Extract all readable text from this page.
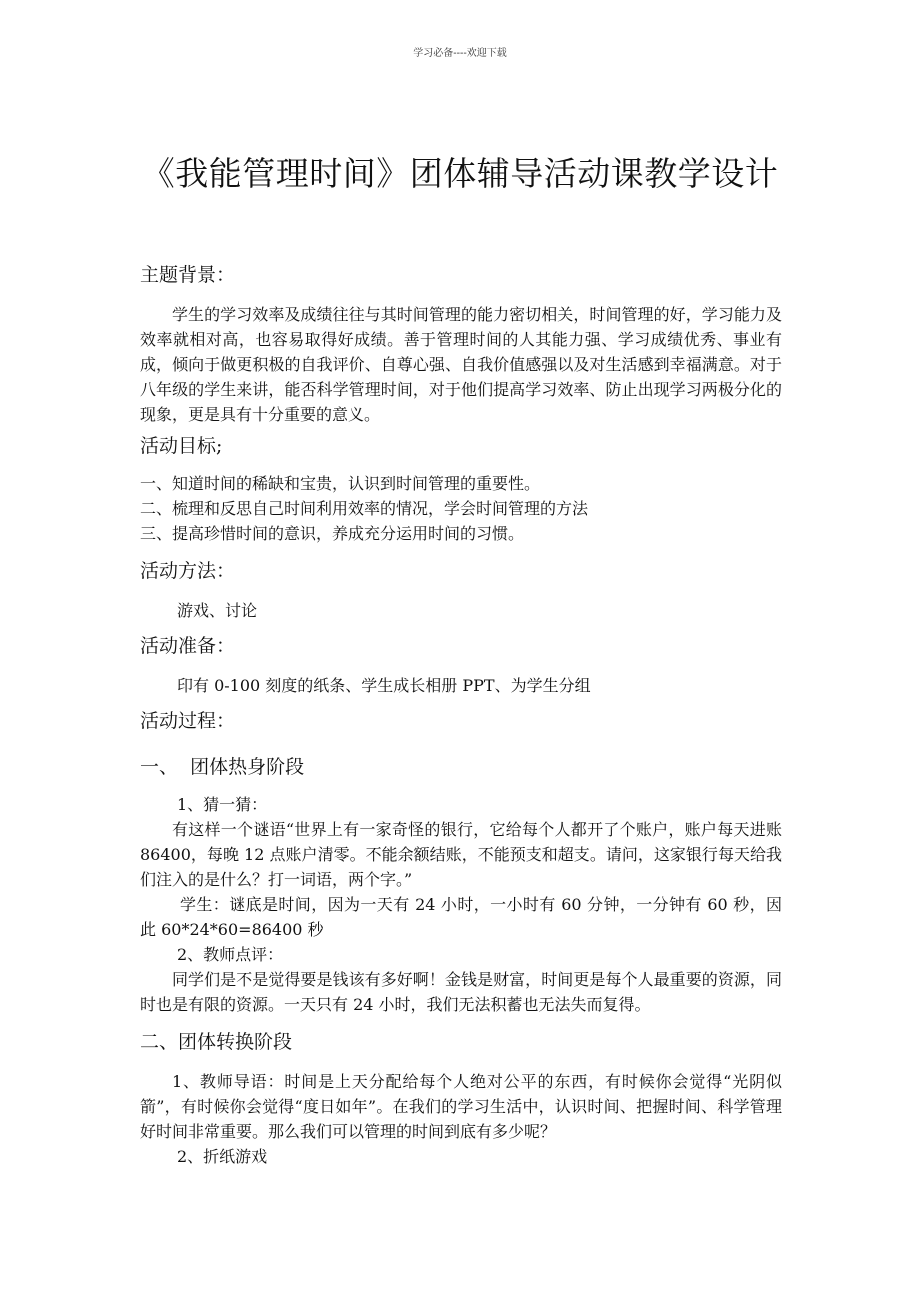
学习必备----欢迎下载
《我能管理时间》团体辅导活动课教学设计

主题背景：

学生的学习效率及成绩往往与其时间管理的能力密切相关，时间管理的好，学习能力及效率就相对高，也容易取得好成绩。善于管理时间的人其能力强、学习成绩优秀、事业有成，倾向于做更积极的自我评价、自尊心强、自我价值感强以及对生活感到幸福满意。对于八年级的学生来讲，能否科学管理时间，对于他们提高学习效率、防止出现学习两极分化的现象，更是具有十分重要的意义。

活动目标;

一、知道时间的稀缺和宝贵，认识到时间管理的重要性。

二、梳理和反思自己时间利用效率的情况，学会时间管理的方法

三、提高珍惜时间的意识，养成充分运用时间的习惯。

活动方法：

游戏、讨论

活动准备：

印有 0-100 刻度的纸条、学生成长相册 PPT、为学生分组

活动过程：

一、  团体热身阶段

1、猜一猜：

有这样一个谜语“世界上有一家奇怪的银行，它给每个人都开了个账户，账户每天进账 86400，每晚 12 点账户清零。不能余额结账，不能预支和超支。请问，这家银行每天给我们注入的是什么？打一词语，两个字。”

学生：谜底是时间，因为一天有 24 小时，一小时有 60 分钟，一分钟有 60 秒，因此 60*24*60=86400 秒

2、教师点评：

同学们是不是觉得要是钱该有多好啊！金钱是财富，时间更是每个人最重要的资源，同时也是有限的资源。一天只有 24 小时，我们无法积蓄也无法失而复得。

二、团体转换阶段

1、教师导语：时间是上天分配给每个人绝对公平的东西，有时候你会觉得“光阴似箭”，有时候你会觉得“度日如年”。在我们的学习生活中，认识时间、把握时间、科学管理好时间非常重要。那么我们可以管理的时间到底有多少呢？

2、折纸游戏
